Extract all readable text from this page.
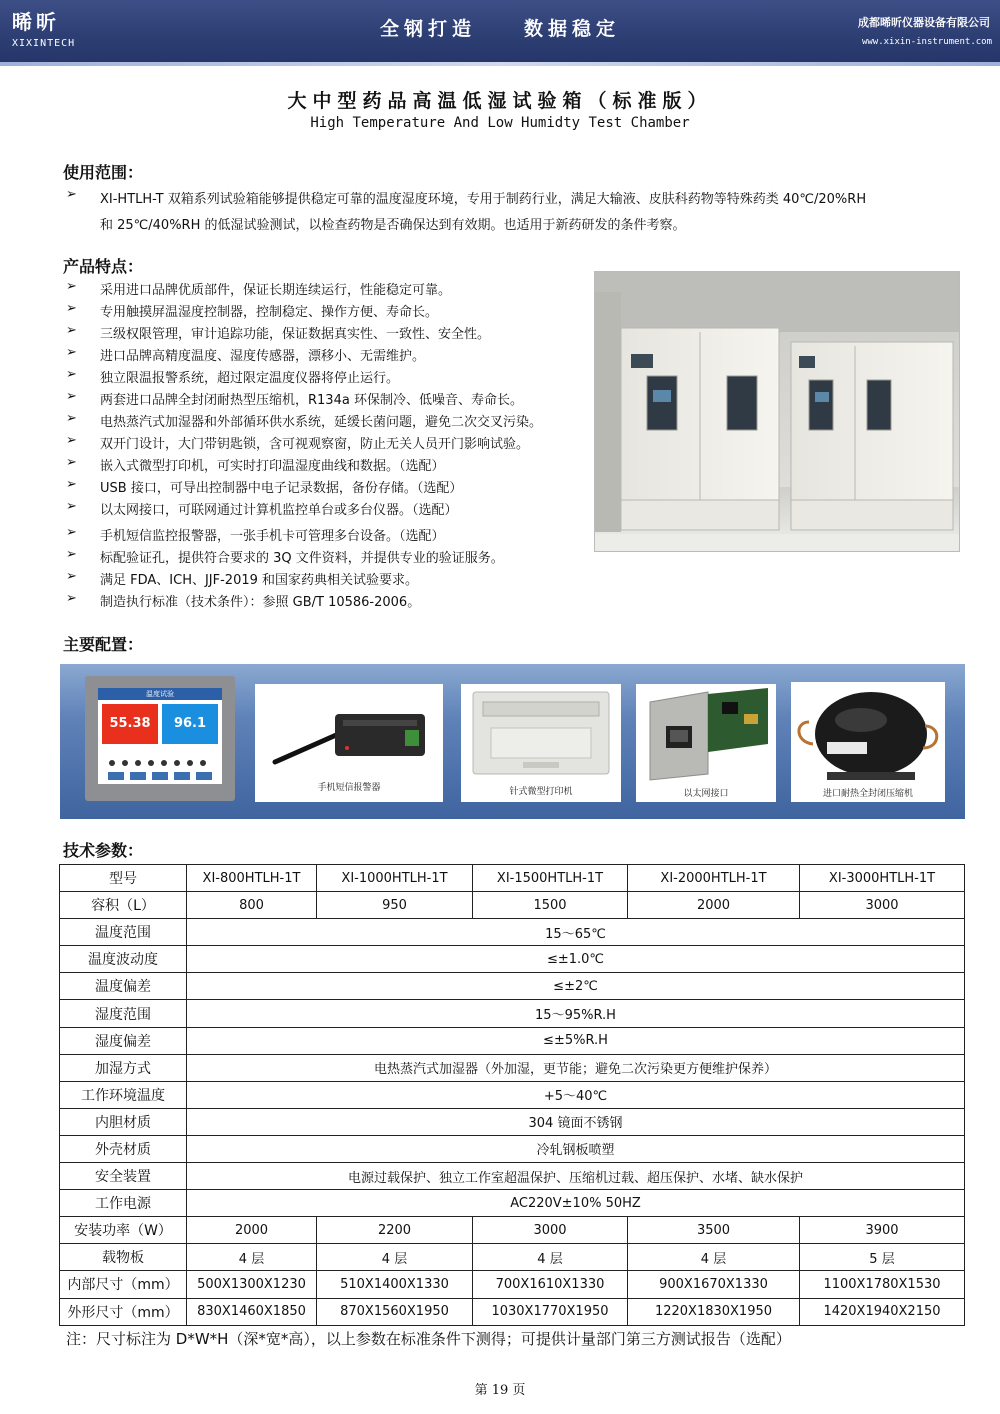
晞昕
XIXINTECH
全钢打造　　数据稳定	成都晞昕仪器设备有限公司
www.xixin-instrument.com
大中型药品高温低湿试验箱（标准版）
High Temperature And Low Humidty Test Chamber
使用范围：
➢ XI-HTLH-T 双箱系列试验箱能够提供稳定可靠的温度湿度环境，专用于制药行业，满足大输液、皮肤科药物等特殊药类 40℃/20%RH
和 25℃/40%RH 的低湿试验测试，以检查药物是否确保达到有效期。也适用于新药研发的条件考察。
产品特点：
➢ 采用进口品牌优质部件，保证长期连续运行，性能稳定可靠。
➢ 专用触摸屏温湿度控制器，控制稳定、操作方便、寿命长。
➢ 三级权限管理，审计追踪功能，保证数据真实性、一致性、安全性。
➢ 进口品牌高精度温度、湿度传感器，漂移小、无需维护。
➢ 独立限温报警系统，超过限定温度仪器将停止运行。
➢ 两套进口品牌全封闭耐热型压缩机，R134a 环保制冷、低噪音、寿命长。
➢ 电热蒸汽式加湿器和外部循环供水系统，延缓长菌问题，避免二次交叉污染。
➢ 双开门设计，大门带钥匙锁，含可视观察窗，防止无关人员开门影响试验。
➢ 嵌入式微型打印机，可实时打印温湿度曲线和数据。（选配）
➢ USB 接口，可导出控制器中电子记录数据，备份存储。（选配）
➢ 以太网接口，可联网通过计算机监控单台或多台仪器。（选配）
➢ 手机短信监控报警器，一张手机卡可管理多台设备。（选配）
➢ 标配验证孔，提供符合要求的 3Q 文件资料，并提供专业的验证服务。
➢ 满足 FDA、ICH、JJF-2019 和国家药典相关试验要求。
➢ 制造执行标准（技术条件）：参照 GB/T 10586-2006。
主要配置：
温度试验
55.38	96.1
手机短信报警器	针式微型打印机	以太网接口	进口耐热全封闭压缩机
技术参数：
型号	XI-800HTLH-1T	XI-1000HTLH-1T	XI-1500HTLH-1T	XI-2000HTLH-1T	XI-3000HTLH-1T
容积（L）	800	950	1500	2000	3000
温度范围	15～65℃				
温度波动度	≤±1.0℃				
温度偏差	≤±2℃				
湿度范围	15～95%R.H				
湿度偏差	≤±5%R.H				
加湿方式	电热蒸汽式加湿器（外加湿，更节能；避免二次污染更方便维护保养）				
工作环境温度	+5～40℃				
内胆材质	304 镜面不锈钢				
外壳材质	冷轧钢板喷塑				
安全装置	电源过载保护、独立工作室超温保护、压缩机过载、超压保护、水堵、缺水保护				
工作电源	AC220V±10% 50HZ				
安装功率（W）	2000	2200	3000	3500	3900
载物板	4 层	4 层	4 层	4 层	5 层
内部尺寸（mm）	500X1300X1230	510X1400X1330	700X1610X1330	900X1670X1330	1100X1780X1530
外形尺寸（mm）	830X1460X1850	870X1560X1950	1030X1770X1950	1220X1830X1950	1420X1940X2150
注：尺寸标注为 D*W*H（深*宽*高），以上参数在标准条件下测得；可提供计量部门第三方测试报告（选配）
第 19 页
